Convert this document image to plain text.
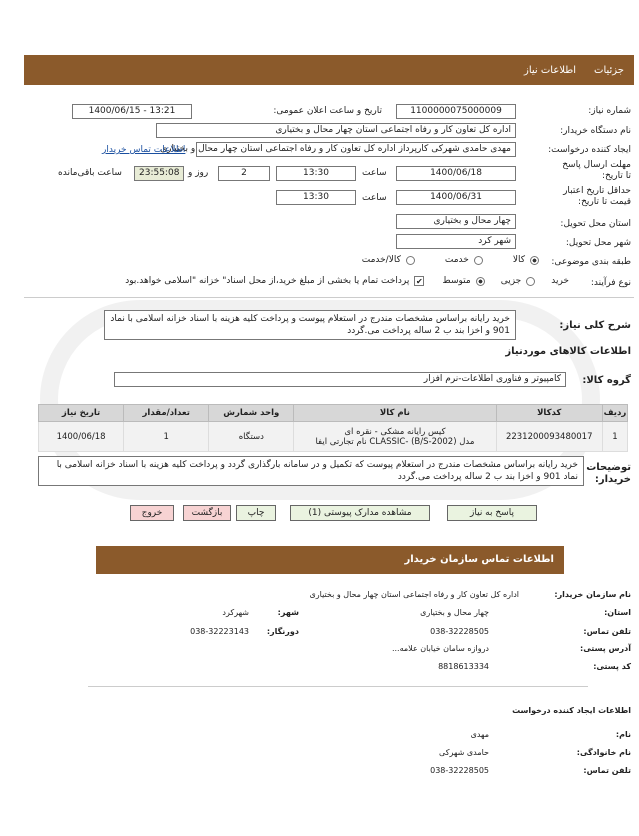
جزئیات
اطلاعات نیاز
شماره نیاز:
1100000075000009
تاریخ و ساعت اعلان عمومی:
1400/06/15 - 13:21
نام دستگاه خریدار:
اداره کل تعاون کار و رفاه اجتماعی استان چهار محال و بختیاری
ایجاد کننده درخواست:
مهدی حامدی شهرکی کارپرداز اداره کل تعاون کار و رفاه اجتماعی استان چهار محال و بختیاری
اطلاعات تماس خریدار
مهلت ارسال پاسخ تا تاریخ:
1400/06/18
ساعت
13:30
2
روز و
23:55:08
ساعت باقی‌مانده
حداقل تاریخ اعتبار قیمت تا تاریخ:
1400/06/31
ساعت
13:30
استان محل تحویل:
چهار محال و بختیاری
شهر محل تحویل:
شهر کرد
طبقه بندی موضوعی:
کالا
خدمت
کالا/خدمت
نوع فرآیند:
خرید
جزیی
متوسط
✔
پرداخت تمام یا بخشی از مبلغ خرید،از محل اسناد" خزانه "اسلامی خواهد.بود
شرح کلی نیاز:
خرید رایانه براساس مشخصات مندرج در استعلام پیوست و پرداخت کلیه هزینه با اسناد خزانه اسلامی با نماد 901 و اخزا بند ب 2 ساله پرداخت می.گردد
اطلاعات کالاهای موردنیاز
گروه کالا:
کامپیوتر و فناوری اطلاعات-نرم افزار
ردیف	کدکالا	نام کالا	واحد شمارش	تعداد/مقدار	تاریخ نیاز
1	2231200093480017	کیس رایانه مشکی - نقره ای
مدل (B/S-2002) -CLASSIC نام تجارتی ایفا	دستگاه	1	1400/06/18
توضیحات خریدار:
خرید رایانه براساس مشخصات مندرج در استعلام پیوست که تکمیل و در سامانه بارگذاری گردد و پرداخت کلیه هزینه با اسناد خزانه اسلامی با نماد 901 و اخزا بند ب 2 ساله پرداخت می.گردد
پاسخ به نیاز
مشاهده مدارک پیوستی (1)
چاپ
بازگشت
خروج
اطلاعات تماس سازمان خریدار
نام سازمان خریدار:
اداره کل تعاون کار و رفاه اجتماعی استان چهار محال و بختیاری
استان:
چهار محال و بختیاری
شهر:
شهرکرد
تلفن تماس:
038-32228505
دورنگار:
038-32223143
آدرس پستی:
دروازه سامان خیابان علامه...
کد پستی:
8818613334
اطلاعات ایجاد کننده درخواست
نام:
مهدی
نام خانوادگی:
حامدی شهرکی
تلفن تماس:
038-32228505
